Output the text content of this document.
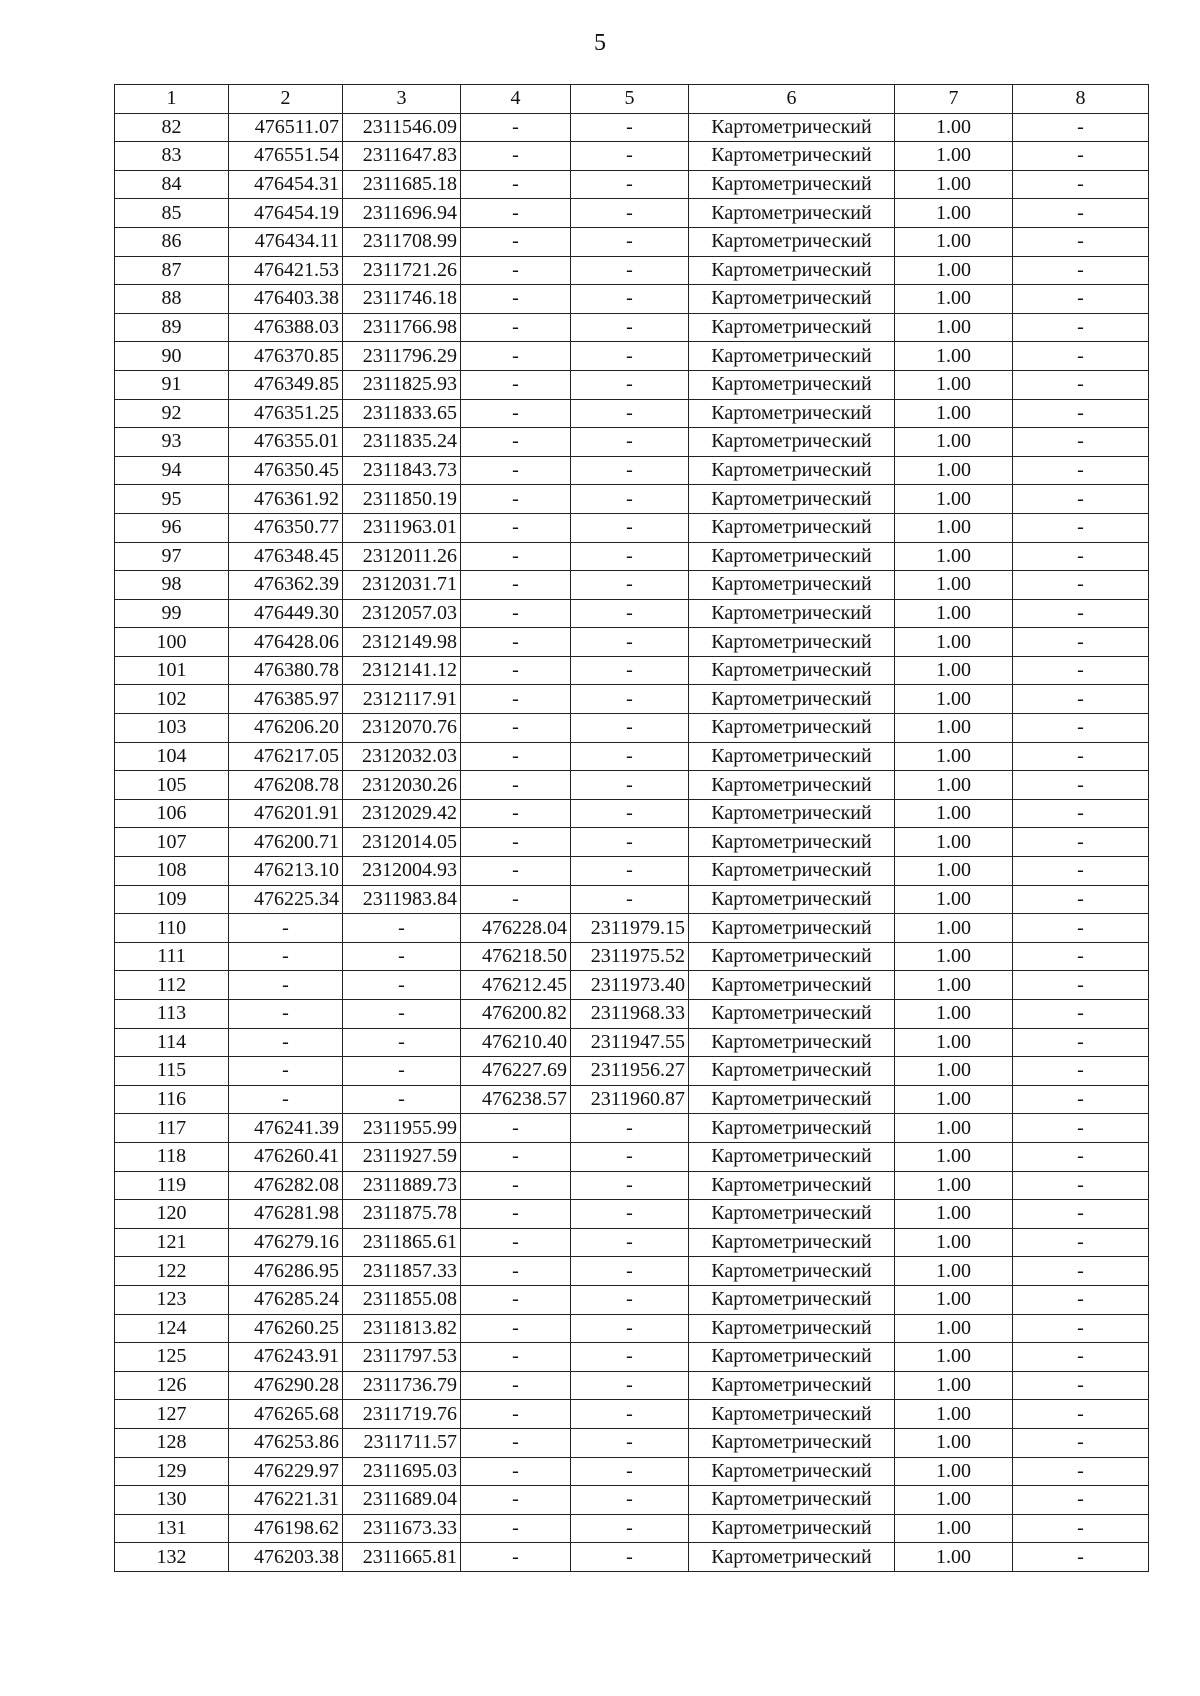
5
1	2	3	4	5	6	7	8
82	476511.07	2311546.09	-	-	Картометрический	1.00	-
83	476551.54	2311647.83	-	-	Картометрический	1.00	-
84	476454.31	2311685.18	-	-	Картометрический	1.00	-
85	476454.19	2311696.94	-	-	Картометрический	1.00	-
86	476434.11	2311708.99	-	-	Картометрический	1.00	-
87	476421.53	2311721.26	-	-	Картометрический	1.00	-
88	476403.38	2311746.18	-	-	Картометрический	1.00	-
89	476388.03	2311766.98	-	-	Картометрический	1.00	-
90	476370.85	2311796.29	-	-	Картометрический	1.00	-
91	476349.85	2311825.93	-	-	Картометрический	1.00	-
92	476351.25	2311833.65	-	-	Картометрический	1.00	-
93	476355.01	2311835.24	-	-	Картометрический	1.00	-
94	476350.45	2311843.73	-	-	Картометрический	1.00	-
95	476361.92	2311850.19	-	-	Картометрический	1.00	-
96	476350.77	2311963.01	-	-	Картометрический	1.00	-
97	476348.45	2312011.26	-	-	Картометрический	1.00	-
98	476362.39	2312031.71	-	-	Картометрический	1.00	-
99	476449.30	2312057.03	-	-	Картометрический	1.00	-
100	476428.06	2312149.98	-	-	Картометрический	1.00	-
101	476380.78	2312141.12	-	-	Картометрический	1.00	-
102	476385.97	2312117.91	-	-	Картометрический	1.00	-
103	476206.20	2312070.76	-	-	Картометрический	1.00	-
104	476217.05	2312032.03	-	-	Картометрический	1.00	-
105	476208.78	2312030.26	-	-	Картометрический	1.00	-
106	476201.91	2312029.42	-	-	Картометрический	1.00	-
107	476200.71	2312014.05	-	-	Картометрический	1.00	-
108	476213.10	2312004.93	-	-	Картометрический	1.00	-
109	476225.34	2311983.84	-	-	Картометрический	1.00	-
110	-	-	476228.04	2311979.15	Картометрический	1.00	-
111	-	-	476218.50	2311975.52	Картометрический	1.00	-
112	-	-	476212.45	2311973.40	Картометрический	1.00	-
113	-	-	476200.82	2311968.33	Картометрический	1.00	-
114	-	-	476210.40	2311947.55	Картометрический	1.00	-
115	-	-	476227.69	2311956.27	Картометрический	1.00	-
116	-	-	476238.57	2311960.87	Картометрический	1.00	-
117	476241.39	2311955.99	-	-	Картометрический	1.00	-
118	476260.41	2311927.59	-	-	Картометрический	1.00	-
119	476282.08	2311889.73	-	-	Картометрический	1.00	-
120	476281.98	2311875.78	-	-	Картометрический	1.00	-
121	476279.16	2311865.61	-	-	Картометрический	1.00	-
122	476286.95	2311857.33	-	-	Картометрический	1.00	-
123	476285.24	2311855.08	-	-	Картометрический	1.00	-
124	476260.25	2311813.82	-	-	Картометрический	1.00	-
125	476243.91	2311797.53	-	-	Картометрический	1.00	-
126	476290.28	2311736.79	-	-	Картометрический	1.00	-
127	476265.68	2311719.76	-	-	Картометрический	1.00	-
128	476253.86	2311711.57	-	-	Картометрический	1.00	-
129	476229.97	2311695.03	-	-	Картометрический	1.00	-
130	476221.31	2311689.04	-	-	Картометрический	1.00	-
131	476198.62	2311673.33	-	-	Картометрический	1.00	-
132	476203.38	2311665.81	-	-	Картометрический	1.00	-
